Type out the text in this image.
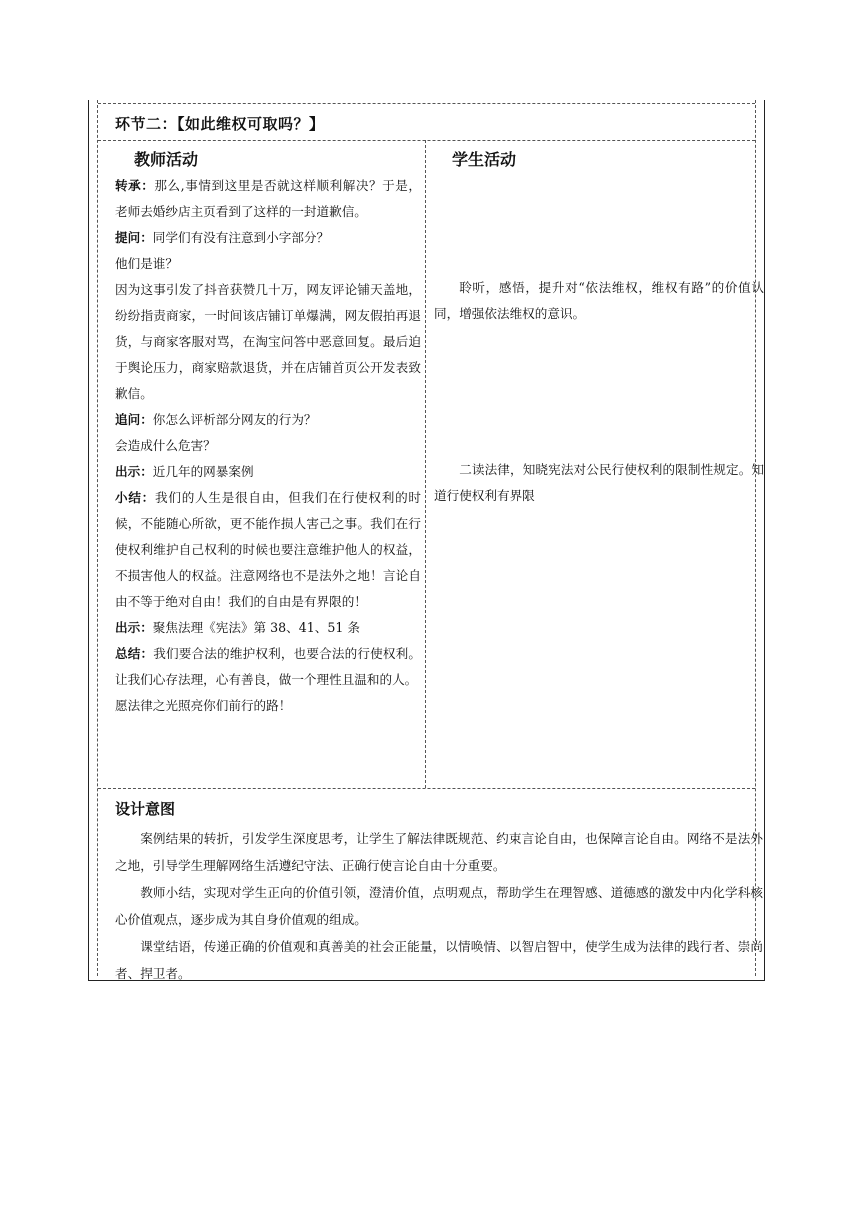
环节二：【如此维权可取吗？】
教师活动	学生活动

转承：那么,事情到这里是否就这样顺利解决？于是，老师去婚纱店主页看到了这样的一封道歉信。

提问：同学们有没有注意到小字部分？

他们是谁？

因为这事引发了抖音获赞几十万，网友评论铺天盖地，纷纷指责商家，一时间该店铺订单爆满，网友假拍再退货，与商家客服对骂，在淘宝问答中恶意回复。最后迫于舆论压力，商家赔款退货，并在店铺首页公开发表致歉信。

追问：你怎么评析部分网友的行为？

会造成什么危害？

出示：近几年的网暴案例

小结：我们的人生是很自由，但我们在行使权利的时候，不能随心所欲，更不能作损人害己之事。我们在行使权利维护自己权利的时候也要注意维护他人的权益，不损害他人的权益。注意网络也不是法外之地！言论自由不等于绝对自由！我们的自由是有界限的！

出示：聚焦法理《宪法》第 38、41、51 条

总结：我们要合法的维护权利，也要合法的行使权利。让我们心存法理，心有善良，做一个理性且温和的人。

愿法律之光照亮你们前行的路！

聆听，感悟，提升对“依法维权，维权有路”的价值认同，增强依法维权的意识。

二读法律，知晓宪法对公民行使权利的限制性规定。知道行使权利有界限

设计意图

案例结果的转折，引发学生深度思考，让学生了解法律既规范、约束言论自由，也保障言论自由。网络不是法外之地，引导学生理解网络生活遵纪守法、正确行使言论自由十分重要。

教师小结，实现对学生正向的价值引领，澄清价值，点明观点，帮助学生在理智感、道德感的激发中内化学科核心价值观点，逐步成为其自身价值观的组成。

课堂结语，传递正确的价值观和真善美的社会正能量，以情唤情、以智启智中，使学生成为法律的践行者、崇尚者、捍卫者。
